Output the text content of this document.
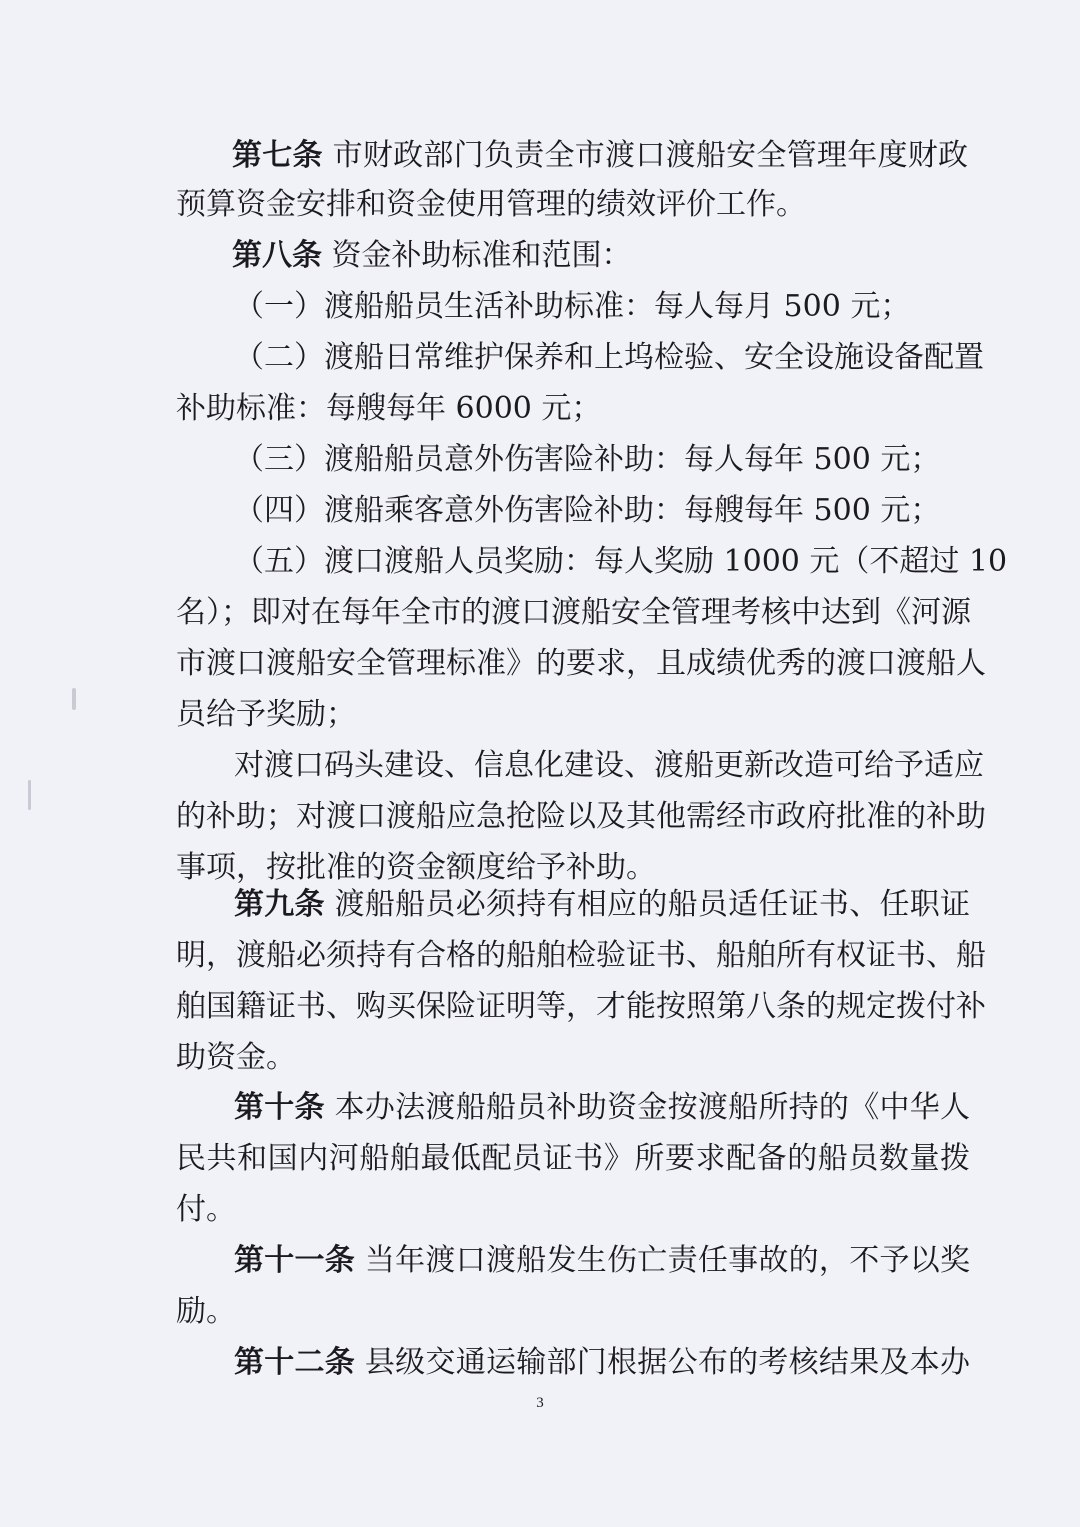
第七条 市财政部门负责全市渡口渡船安全管理年度财政
预算资金安排和资金使用管理的绩效评价工作。
第八条 资金补助标准和范围：
（一）渡船船员生活补助标准：每人每月 500 元；
（二）渡船日常维护保养和上坞检验、安全设施设备配置
补助标准：每艘每年 6000 元；
（三）渡船船员意外伤害险补助：每人每年 500 元；
（四）渡船乘客意外伤害险补助：每艘每年 500 元；
（五）渡口渡船人员奖励：每人奖励 1000 元（不超过 10
名）；即对在每年全市的渡口渡船安全管理考核中达到《河源
市渡口渡船安全管理标准》的要求，且成绩优秀的渡口渡船人
员给予奖励；
对渡口码头建设、信息化建设、渡船更新改造可给予适应
的补助；对渡口渡船应急抢险以及其他需经市政府批准的补助
事项，按批准的资金额度给予补助。
第九条 渡船船员必须持有相应的船员适任证书、任职证
明，渡船必须持有合格的船舶检验证书、船舶所有权证书、船
舶国籍证书、购买保险证明等，才能按照第八条的规定拨付补
助资金。
第十条 本办法渡船船员补助资金按渡船所持的《中华人
民共和国内河船舶最低配员证书》所要求配备的船员数量拨
付。
第十一条 当年渡口渡船发生伤亡责任事故的，不予以奖
励。
第十二条 县级交通运输部门根据公布的考核结果及本办
3
